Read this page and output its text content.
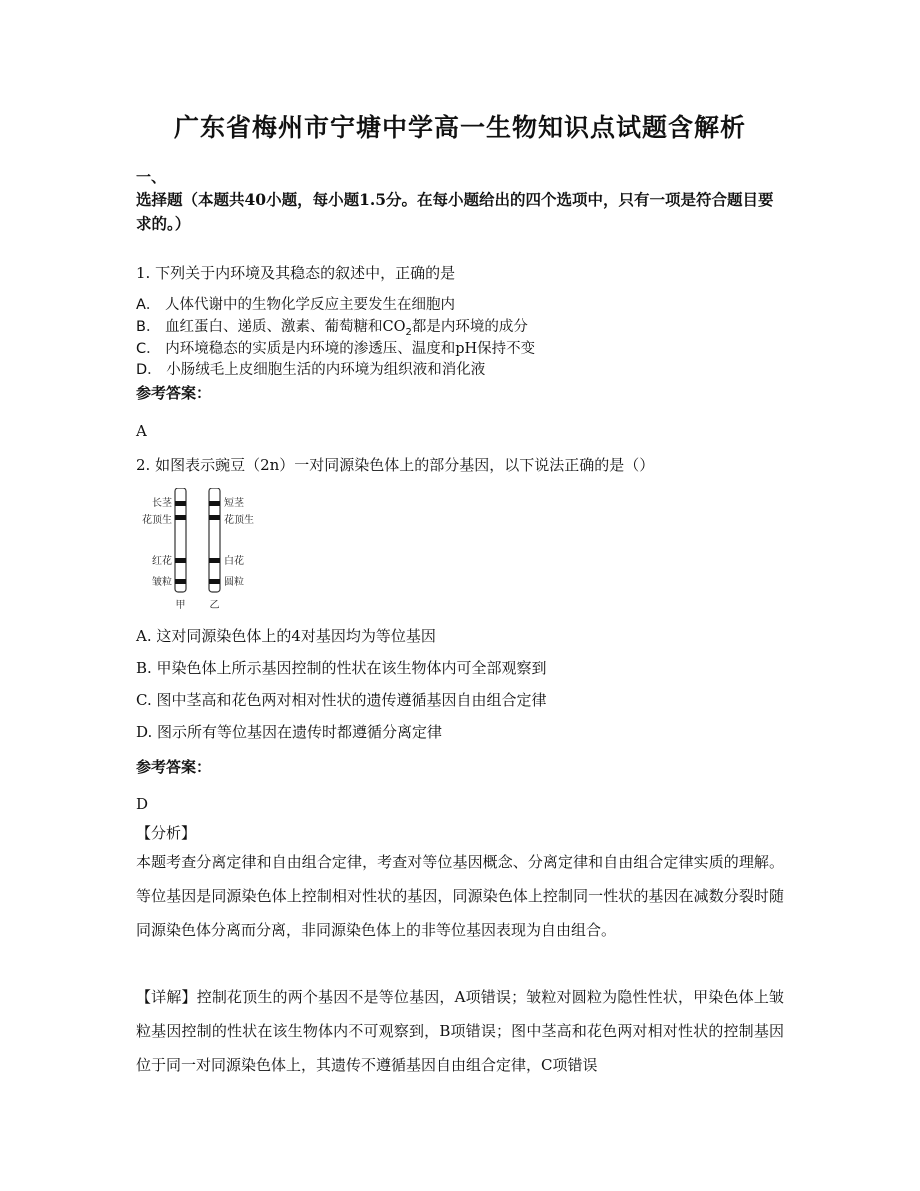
广东省梅州市宁塘中学高一生物知识点试题含解析
一、
选择题（本题共40小题，每小题1.5分。在每小题给出的四个选项中，只有一项是符合题目要求的。）
1. 下列关于内环境及其稳态的叙述中，正确的是
A． 人体代谢中的生物化学反应主要发生在细胞内
B． 血红蛋白、递质、激素、葡萄糖和$CO_2$都是内环境的成分
C． 内环境稳态的实质是内环境的渗透压、温度和pH保持不变
D． 小肠绒毛上皮细胞生活的内环境为组织液和消化液
参考答案：
A
2. 如图表示豌豆（2n）一对同源染色体上的部分基因，以下说法正确的是（）
长茎
花顶生
红花
皱粒
短茎
花顶生
白花
圆粒
甲 乙
A. 这对同源染色体上的4对基因均为等位基因
B. 甲染色体上所示基因控制的性状在该生物体内可全部观察到
C. 图中茎高和花色两对相对性状的遗传遵循基因自由组合定律
D. 图示所有等位基因在遗传时都遵循分离定律
参考答案：
D
【分析】
本题考查分离定律和自由组合定律，考查对等位基因概念、分离定律和自由组合定律实质的理解。等位基因是同源染色体上控制相对性状的基因，同源染色体上控制同一性状的基因在减数分裂时随同源染色体分离而分离，非同源染色体上的非等位基因表现为自由组合。
【详解】控制花顶生的两个基因不是等位基因，A项错误；皱粒对圆粒为隐性性状，甲染色体上皱粒基因控制的性状在该生物体内不可观察到，B项错误；图中茎高和花色两对相对性状的控制基因位于同一对同源染色体上，其遗传不遵循基因自由组合定律，C项错误
